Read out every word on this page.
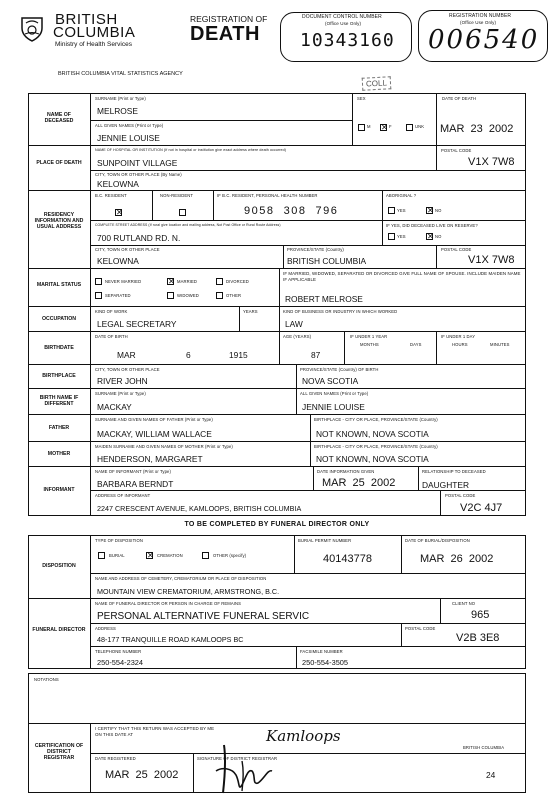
BRITISH
COLUMBIA
Ministry of Health Services
BRITISH COLUMBIA VITAL STATISTICS AGENCY
REGISTRATION OF
DEATH
DOCUMENT CONTROL NUMBER
(Office Use Only)
10343160
REGISTRATION NUMBER
(Office Use Only)
006540
COLL
NAME OF DECEASED
SURNAME (Print or Type)
MELROSE
ALL GIVEN NAMES (Print or Type)
JENNIE LOUISE
SEX
M ✕ F	UNK
DATE OF DEATH
MAR  23  2002
PLACE OF DEATH
NAME OF HOSPITAL OR INSTITUTION (If not in hospital or institution give exact address where death occurred)
SUNPOINT VILLAGE
POSTAL CODE
V1X 7W8
CITY, TOWN OR OTHER PLACE (By Name)
KELOWNA
RESIDENCY INFORMATION AND USUAL ADDRESS
B.C. RESIDENT
✕
NON-RESIDENT	IF B.C. RESIDENT, PERSONAL HEALTH NUMBER
9058  308  796
ABORIGINAL ?
YES	✕ NO
COMPLETE STREET ADDRESS (If rural give location and mailing address, Not Post Office or Rural Route Address)
700 RUTLAND RD. N.
IF YES, DID DECEASED LIVE ON RESERVE?
YES	✕ NO
CITY, TOWN OR OTHER PLACE
KELOWNA
PROVINCE/STATE (Country)
BRITISH COLUMBIA
POSTAL CODE
V1X 7W8
MARITAL STATUS
NEVER MARRIED	✕ MARRIED	DIVORCED
SEPARATED	WIDOWED	OTHER
IF MARRIED, WIDOWED, SEPARATED OR DIVORCED GIVE FULL NAME OF SPOUSE. INCLUDE MAIDEN NAME IF APPLICABLE
ROBERT MELROSE
OCCUPATION
KIND OF WORK
LEGAL SECRETARY
YEARS	KIND OF BUSINESS OR INDUSTRY IN WHICH WORKED
LAW
BIRTHDATE
DATE OF BIRTH
MAR	6	1915
AGE (YEARS)
87
IF UNDER 1 YEAR
MONTHS	DAYS
IF UNDER 1 DAY
HOURS	MINUTES
BIRTHPLACE
CITY, TOWN OR OTHER PLACE
RIVER JOHN
PROVINCE/STATE (Country) OF BIRTH
NOVA SCOTIA
BIRTH NAME IF DIFFERENT
SURNAME (Print or Type)
MACKAY
ALL GIVEN NAMES (Print or Type)
JENNIE LOUISE
FATHER
SURNAME AND GIVEN NAMES OF FATHER (Print or Type)
MACKAY, WILLIAM WALLACE
BIRTHPLACE - CITY OR PLACE, PROVINCE/STATE (Country)
NOT KNOWN, NOVA SCOTIA
MOTHER
MAIDEN SURNAME AND GIVEN NAMES OF MOTHER (Print or Type)
HENDERSON, MARGARET
BIRTHPLACE - CITY OR PLACE, PROVINCE/STATE (Country)
NOT KNOWN, NOVA SCOTIA
INFORMANT
NAME OF INFORMANT (Print or Type)
BARBARA BERNDT
DATE INFORMATION GIVEN
MAR  25  2002
RELATIONSHIP TO DECEASED
DAUGHTER
ADDRESS OF INFORMANT
2247 CRESCENT AVENUE, KAMLOOPS, BRITISH COLUMBIA
POSTAL CODE
V2C 4J7
TO BE COMPLETED BY FUNERAL DIRECTOR ONLY
DISPOSITION
TYPE OF DISPOSITION
BURIAL	✕ CREMATION	OTHER (specify)
BURIAL PERMIT NUMBER
40143778
DATE OF BURIAL/DISPOSITION
MAR  26  2002
NAME AND ADDRESS OF CEMETERY, CREMATORIUM OR PLACE OF DISPOSITION
MOUNTAIN VIEW CREMATORIUM, ARMSTRONG, B.C.
FUNERAL DIRECTOR
NAME OF FUNERAL DIRECTOR OR PERSON IN CHARGE OF REMAINS
PERSONAL ALTERNATIVE FUNERAL SERVIC
CLIENT NO
965
ADDRESS
48-177 TRANQUILLE ROAD KAMLOOPS BC
POSTAL CODE
V2B 3E8
TELEPHONE NUMBER
250-554-2324
FACSIMILE NUMBER
250-554-3505
NOTATIONS
CERTIFICATION OF DISTRICT REGISTRAR
I CERTIFY THAT THIS RETURN WAS ACCEPTED BY ME ON THIS DATE AT	Kamloops
BRITISH COLUMBIA
DATE REGISTERED
MAR  25  2002
SIGNATURE OF DISTRICT REGISTRAR
24
